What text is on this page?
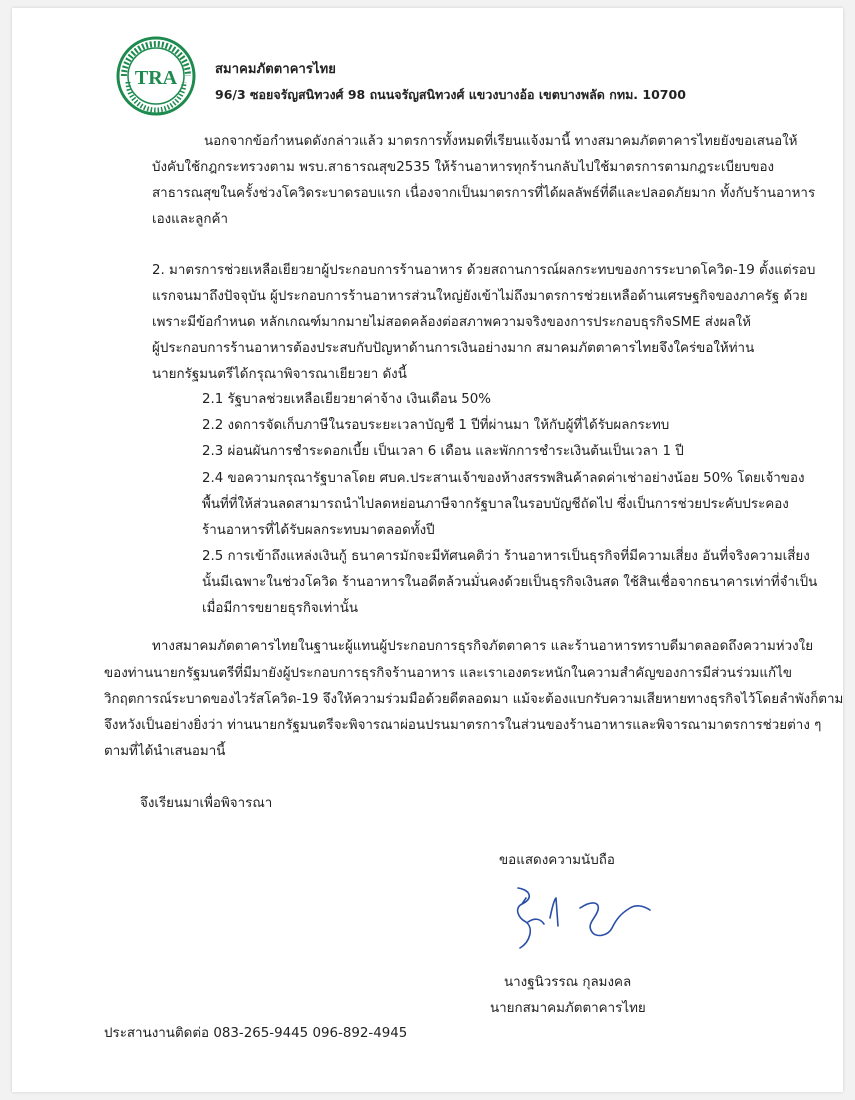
TRA	สมาคมภัตตาคารไทย
96/3 ซอยจรัญสนิทวงศ์ 98 ถนนจรัญสนิทวงศ์ แขวงบางอ้อ เขตบางพลัด กทม. 10700
นอกจากข้อกำหนดดังกล่าวแล้ว มาตรการทั้งหมดที่เรียนแจ้งมานี้ ทางสมาคมภัตตาคารไทยยังขอเสนอให้
บังคับใช้กฎกระทรวงตาม พรบ.สาธารณสุข2535 ให้ร้านอาหารทุกร้านกลับไปใช้มาตรการตามกฎระเบียบของ
สาธารณสุขในครั้งช่วงโควิดระบาดรอบแรก เนื่องจากเป็นมาตรการที่ได้ผลลัพธ์ที่ดีและปลอดภัยมาก ทั้งกับร้านอาหาร
เองและลูกค้า
2. มาตรการช่วยเหลือเยียวยาผู้ประกอบการร้านอาหาร ด้วยสถานการณ์ผลกระทบของการระบาดโควิด-19 ตั้งแต่รอบ
แรกจนมาถึงปัจจุบัน ผู้ประกอบการร้านอาหารส่วนใหญ่ยังเข้าไม่ถึงมาตรการช่วยเหลือด้านเศรษฐกิจของภาครัฐ ด้วย
เพราะมีข้อกำหนด หลักเกณฑ์มากมายไม่สอดคล้องต่อสภาพความจริงของการประกอบธุรกิจSME ส่งผลให้
ผู้ประกอบการร้านอาหารต้องประสบกับปัญหาด้านการเงินอย่างมาก สมาคมภัตตาคารไทยจึงใคร่ขอให้ท่าน
นายกรัฐมนตรีได้กรุณาพิจารณาเยียวยา ดังนี้
2.1 รัฐบาลช่วยเหลือเยียวยาค่าจ้าง เงินเดือน 50%
2.2 งดการจัดเก็บภาษีในรอบระยะเวลาบัญชี 1 ปีที่ผ่านมา ให้กับผู้ที่ได้รับผลกระทบ
2.3 ผ่อนผันการชำระดอกเบี้ย เป็นเวลา 6 เดือน และพักการชำระเงินต้นเป็นเวลา 1 ปี
2.4 ขอความกรุณารัฐบาลโดย ศบค.ประสานเจ้าของห้างสรรพสินค้าลดค่าเช่าอย่างน้อย 50% โดยเจ้าของ
พื้นที่ที่ให้ส่วนลดสามารถนำไปลดหย่อนภาษีจากรัฐบาลในรอบบัญชีถัดไป ซึ่งเป็นการช่วยประคับประคอง
ร้านอาหารที่ได้รับผลกระทบมาตลอดทั้งปี
2.5 การเข้าถึงแหล่งเงินกู้ ธนาคารมักจะมีทัศนคติว่า ร้านอาหารเป็นธุรกิจที่มีความเสี่ยง อันที่จริงความเสี่ยง
นั้นมีเฉพาะในช่วงโควิด ร้านอาหารในอดีตล้วนมั่นคงด้วยเป็นธุรกิจเงินสด ใช้สินเชื่อจากธนาคารเท่าที่จำเป็น
เมื่อมีการขยายธุรกิจเท่านั้น
ทางสมาคมภัตตาคารไทยในฐานะผู้แทนผู้ประกอบการธุรกิจภัตตาคาร และร้านอาหารทราบดีมาตลอดถึงความห่วงใย
ของท่านนายกรัฐมนตรีที่มีมายังผู้ประกอบการธุรกิจร้านอาหาร และเราเองตระหนักในความสำคัญของการมีส่วนร่วมแก้ไข
วิกฤตการณ์ระบาดของไวรัสโควิด-19 จึงให้ความร่วมมือด้วยดีตลอดมา แม้จะต้องแบกรับความเสียหายทางธุรกิจไว้โดยลำพังก็ตาม
จึงหวังเป็นอย่างยิ่งว่า ท่านนายกรัฐมนตรีจะพิจารณาผ่อนปรนมาตรการในส่วนของร้านอาหารและพิจารณามาตรการช่วยต่าง ๆ
ตามที่ได้นำเสนอมานี้
จึงเรียนมาเพื่อพิจารณา
ขอแสดงความนับถือ
นางฐนิวรรณ กุลมงคล
นายกสมาคมภัตตาคารไทย
ประสานงานติดต่อ 083-265-9445 096-892-4945
